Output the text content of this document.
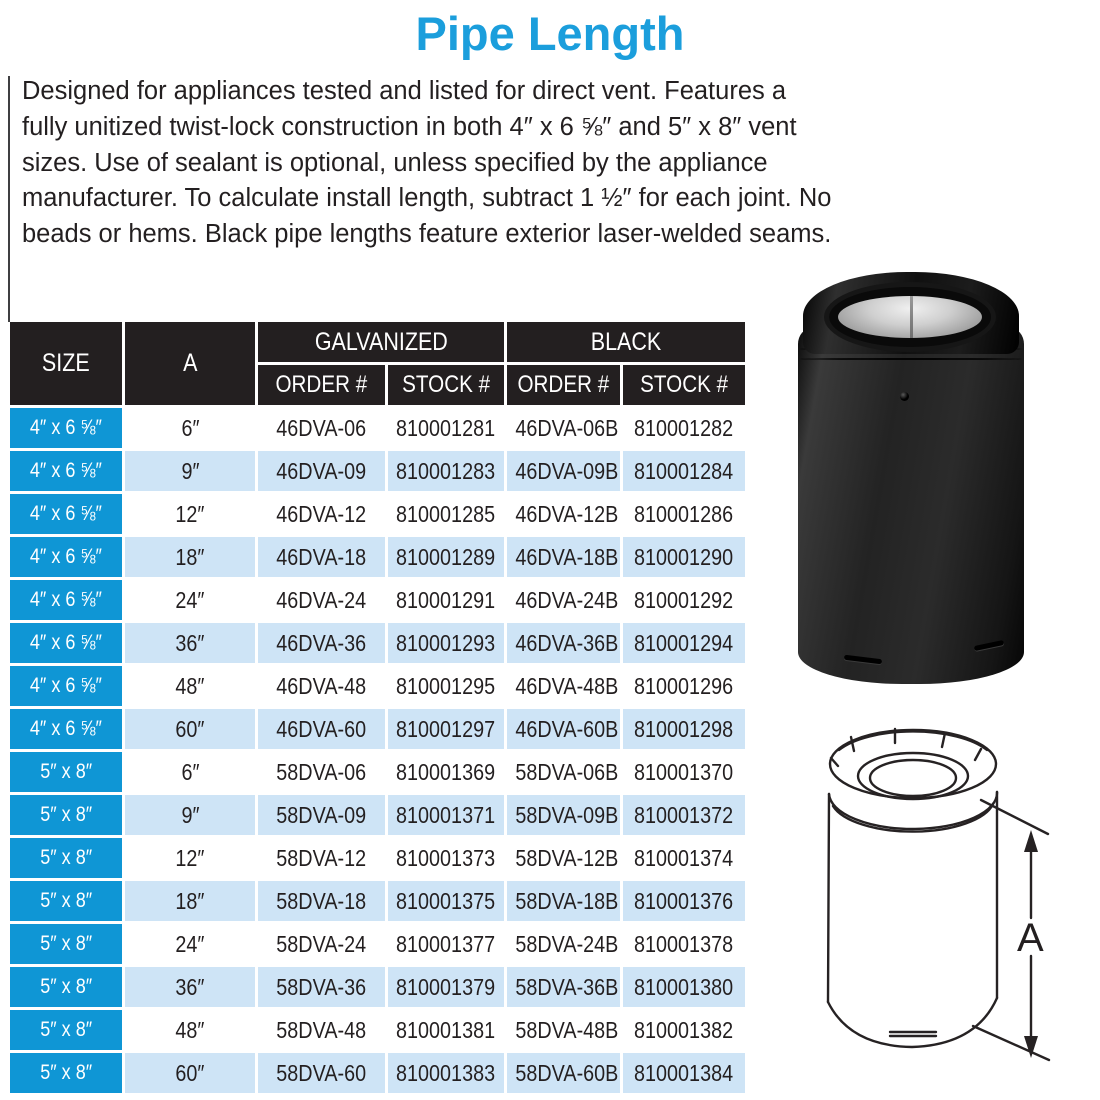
Pipe Length

Designed for appliances tested and listed for direct vent. Features a fully unitized twist-lock construction in both 4″ x 6 ⅝″ and 5″ x 8″ vent sizes. Use of sealant is optional, unless specified by the appliance manufacturer. To calculate install length, subtract 1 ½″ for each joint. No beads or hems. Black pipe lengths feature exterior laser-welded seams.

SIZE	A	GALVANIZED		BLACK	
		ORDER #	STOCK #	ORDER #	STOCK #
4″ x 6 ⅝″	6″	46DVA-06	810001281	46DVA-06B	810001282
4″ x 6 ⅝″	9″	46DVA-09	810001283	46DVA-09B	810001284
4″ x 6 ⅝″	12″	46DVA-12	810001285	46DVA-12B	810001286
4″ x 6 ⅝″	18″	46DVA-18	810001289	46DVA-18B	810001290
4″ x 6 ⅝″	24″	46DVA-24	810001291	46DVA-24B	810001292
4″ x 6 ⅝″	36″	46DVA-36	810001293	46DVA-36B	810001294
4″ x 6 ⅝″	48″	46DVA-48	810001295	46DVA-48B	810001296
4″ x 6 ⅝″	60″	46DVA-60	810001297	46DVA-60B	810001298
5″ x 8″	6″	58DVA-06	810001369	58DVA-06B	810001370
5″ x 8″	9″	58DVA-09	810001371	58DVA-09B	810001372
5″ x 8″	12″	58DVA-12	810001373	58DVA-12B	810001374
5″ x 8″	18″	58DVA-18	810001375	58DVA-18B	810001376
5″ x 8″	24″	58DVA-24	810001377	58DVA-24B	810001378
5″ x 8″	36″	58DVA-36	810001379	58DVA-36B	810001380
5″ x 8″	48″	58DVA-48	810001381	58DVA-48B	810001382
5″ x 8″	60″	58DVA-60	810001383	58DVA-60B	810001384
A
